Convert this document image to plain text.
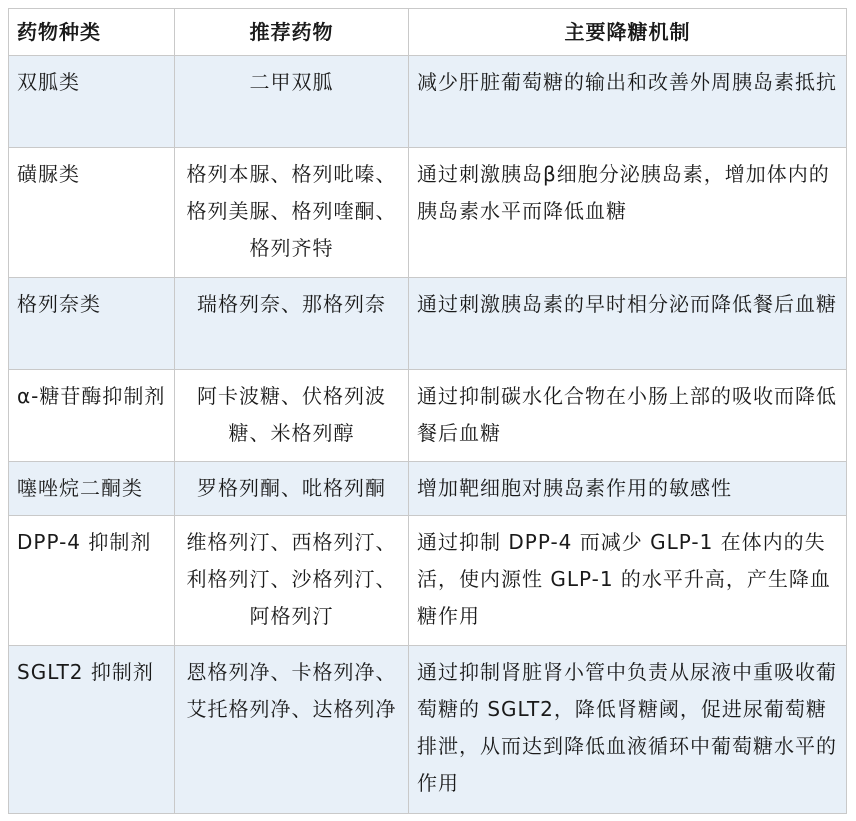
药物种类	推荐药物	主要降糖机制
双胍类	二甲双胍	减少肝脏葡萄糖的输出和改善外周胰岛素抵抗
磺脲类	格列本脲、格列吡嗪、格列美脲、格列喹酮、格列齐特	通过刺激胰岛β细胞分泌胰岛素，增加体内的胰岛素水平而降低血糖
格列奈类	瑞格列奈、那格列奈	通过刺激胰岛素的早时相分泌而降低餐后血糖
α-糖苷酶抑制剂	阿卡波糖、伏格列波糖、米格列醇	通过抑制碳水化合物在小肠上部的吸收而降低餐后血糖
噻唑烷二酮类	罗格列酮、吡格列酮	增加靶细胞对胰岛素作用的敏感性
DPP-4 抑制剂	维格列汀、西格列汀、利格列汀、沙格列汀、阿格列汀	通过抑制 DPP-4 而减少 GLP-1 在体内的失活，使内源性 GLP-1 的水平升高，产生降血糖作用
SGLT2 抑制剂	恩格列净、卡格列净、艾托格列净、达格列净	通过抑制肾脏肾小管中负责从尿液中重吸收葡萄糖的 SGLT2，降低肾糖阈，促进尿葡萄糖排泄，从而达到降低血液循环中葡萄糖水平的作用
